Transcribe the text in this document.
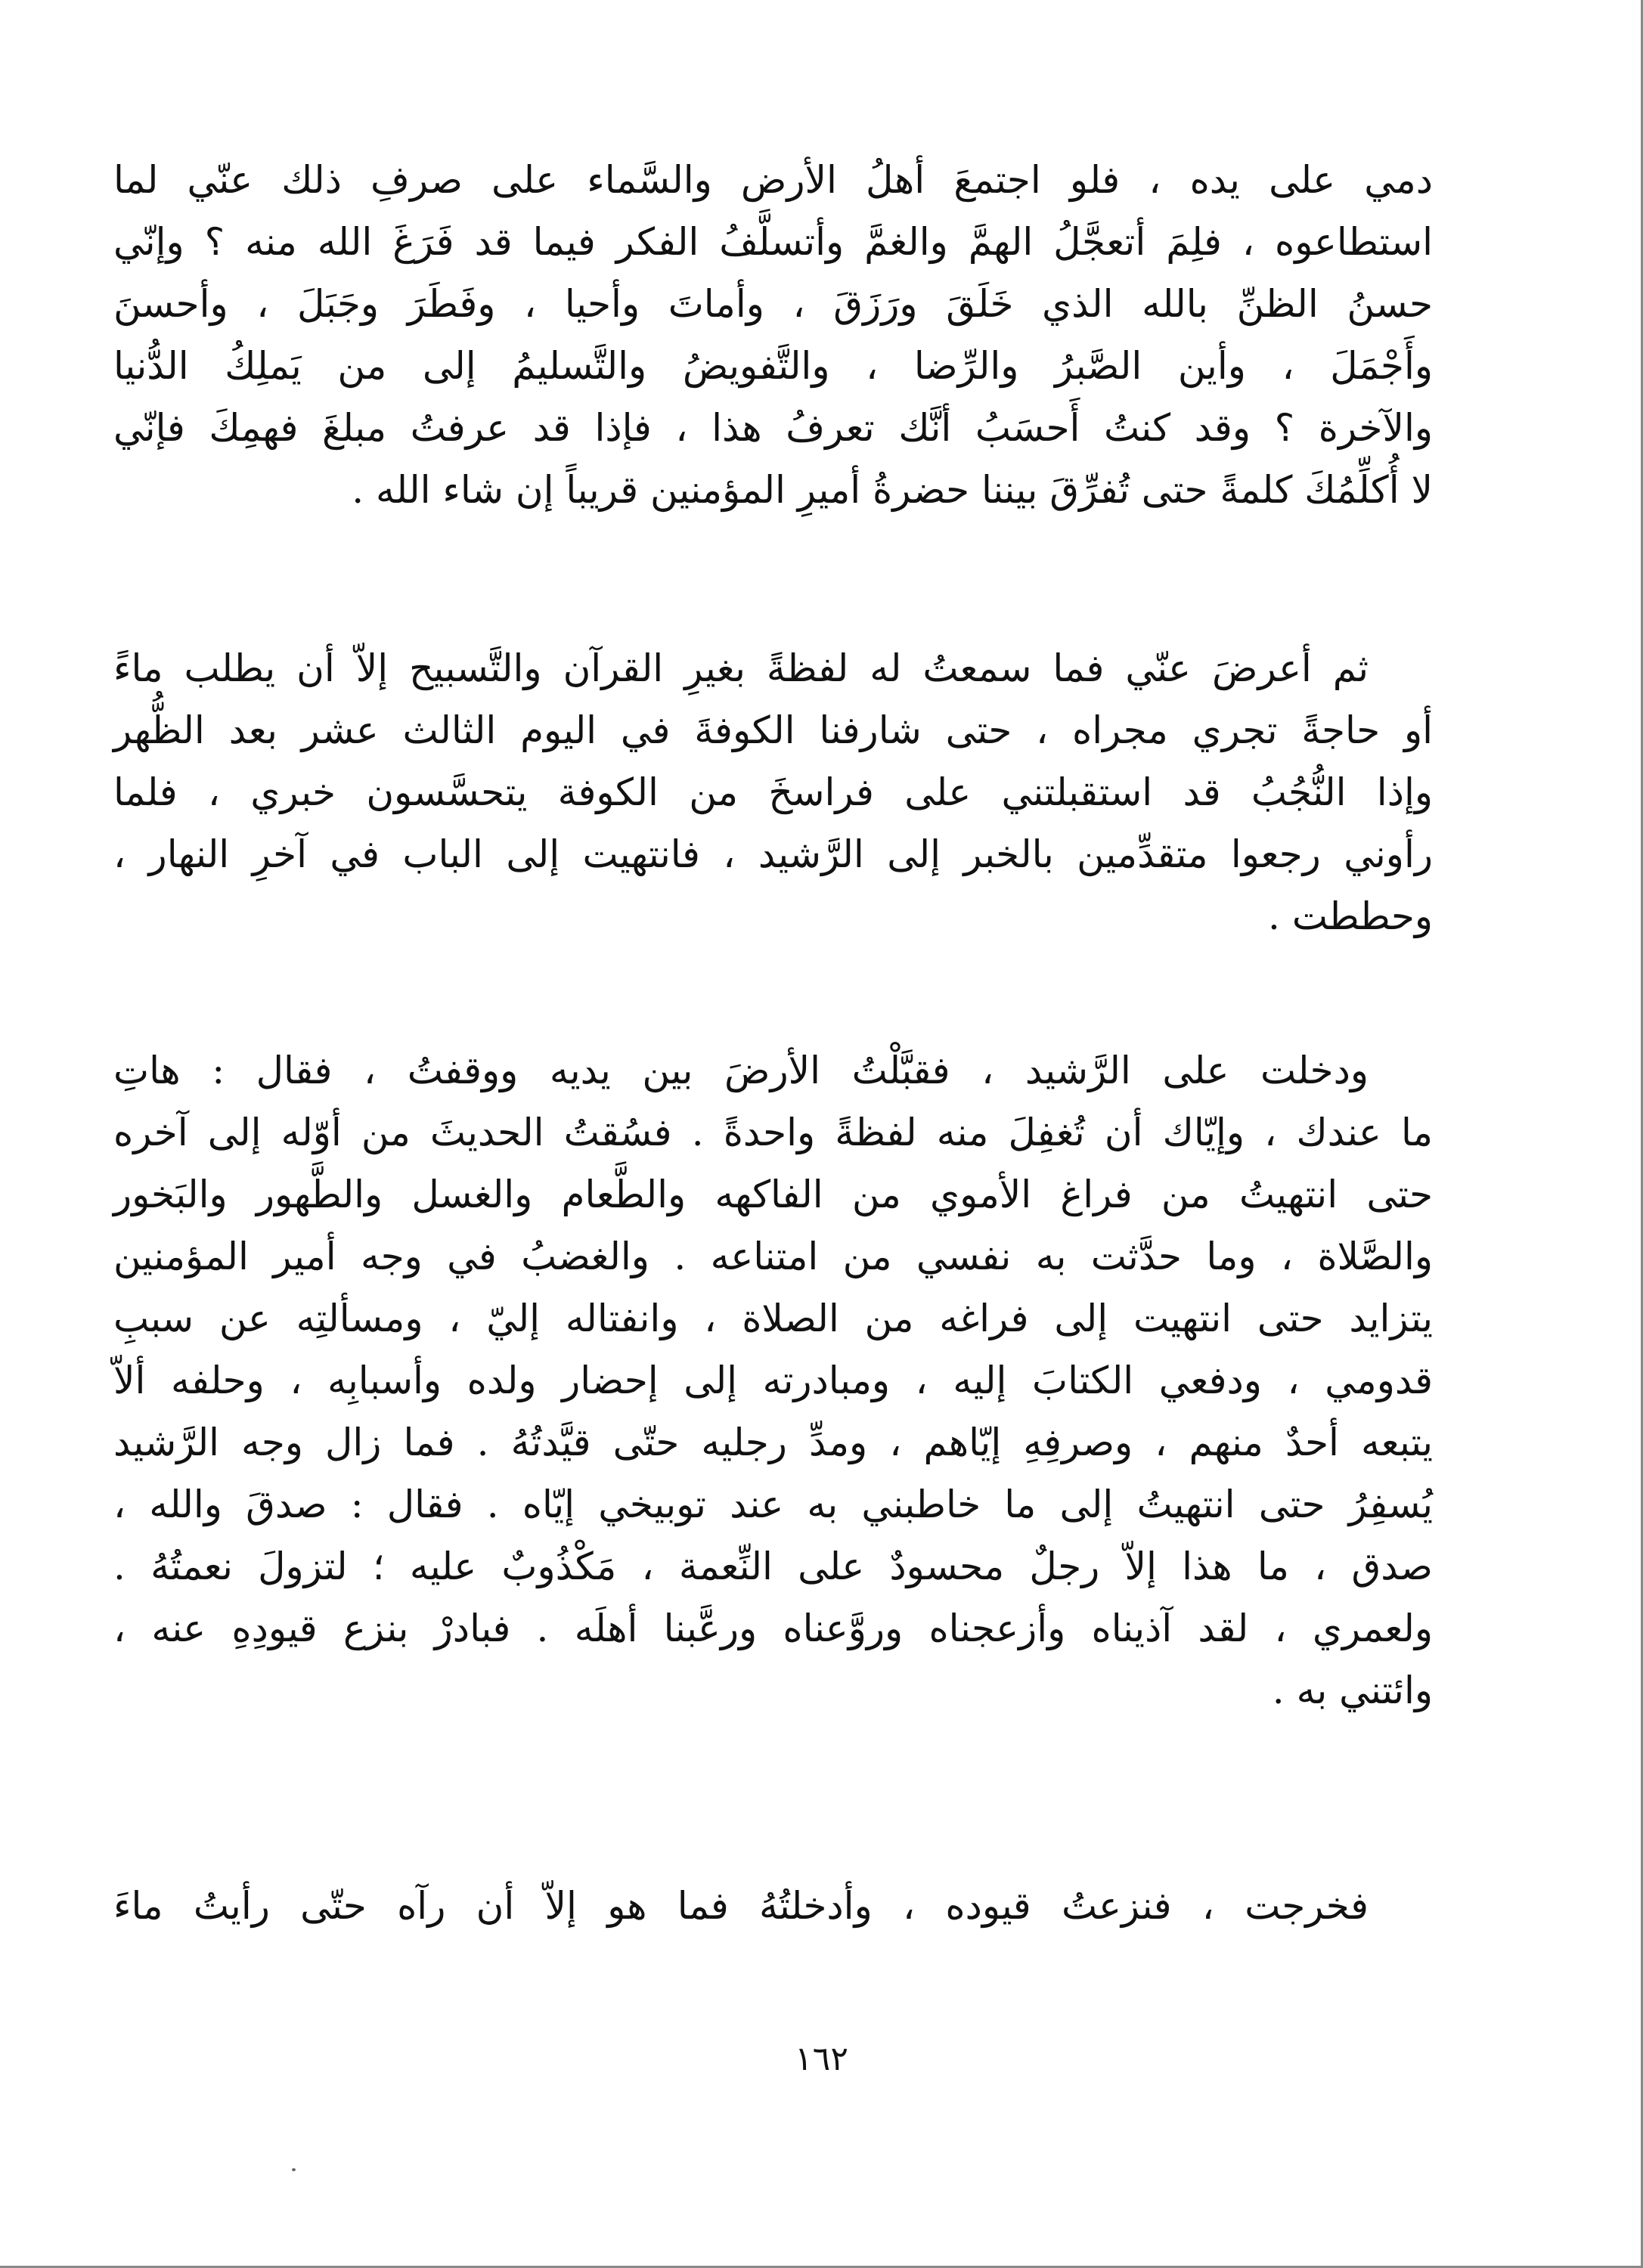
دمي على يده ، فلو اجتمعَ أهلُ الأرض والسَّماء على صرفِ ذلك عنّي لما
استطاعوه ، فلِمَ أتعجَّلُ الهمَّ والغمَّ وأتسلَّفُ الفكر فيما قد فَرَغَ الله منه ؟ وإنّي
حسنُ الظنِّ بالله الذي خَلَقَ ورَزَقَ ، وأماتَ وأحيا ، وفَطَرَ وجَبَلَ ، وأحسنَ
وأَجْمَلَ ، وأين الصَّبرُ والرِّضا ، والتَّفويضُ والتَّسليمُ إلى من يَملِكُ الدُّنيا
والآخرة ؟ وقد كنتُ أَحسَبُ أنَّك تعرفُ هذا ، فإذا قد عرفتُ مبلغَ فهمِكَ فإنّي
لا أُكلِّمُكَ كلمةً حتى تُفرِّقَ بيننا حضرةُ أميرِ المؤمنين قريباً إن شاء الله .
ثم أعرضَ عنّي فما سمعتُ له لفظةً بغيرِ القرآن والتَّسبيح إلاّ أن يطلب ماءً
أو حاجةً تجري مجراه ، حتى شارفنا الكوفةَ في اليوم الثالث عشر بعد الظُّهر
وإذا النُّجُبُ قد استقبلتني على فراسخَ من الكوفة يتحسَّسون خبري ، فلما
رأوني رجعوا متقدِّمين بالخبر إلى الرَّشيد ، فانتهيت إلى الباب في آخرِ النهار ،
وحططت .
ودخلت على الرَّشيد ، فقبَّلْتُ الأرضَ بين يديه ووقفتُ ، فقال : هاتِ
ما عندك ، وإيّاك أن تُغفِلَ منه لفظةً واحدةً . فسُقتُ الحديثَ من أوّله إلى آخره
حتى انتهيتُ من فراغ الأموي من الفاكهه والطَّعام والغسل والطَّهور والبَخور
والصَّلاة ، وما حدَّثت به نفسي من امتناعه . والغضبُ في وجه أمير المؤمنين
يتزايد حتى انتهيت إلى فراغه من الصلاة ، وانفتاله إليّ ، ومسألتِه عن سببِ
قدومي ، ودفعي الكتابَ إليه ، ومبادرته إلى إحضار ولده وأسبابِه ، وحلفه ألاّ
يتبعه أحدٌ منهم ، وصرفِهِ إيّاهم ، ومدِّ رجليه حتّى قيَّدتُهُ . فما زال وجه الرَّشيد
يُسفِرُ حتى انتهيتُ إلى ما خاطبني به عند توبيخي إيّاه . فقال : صدقَ والله ،
صدق ، ما هذا إلاّ رجلٌ محسودٌ على النِّعمة ، مَكْذُوبٌ عليه ؛ لتزولَ نعمتُهُ .
ولعمري ، لقد آذيناه وأزعجناه وروَّعناه ورعَّبنا أهلَه . فبادرْ بنزع قيودِهِ عنه ،
وائتني به .
فخرجت ، فنزعتُ قيوده ، وأدخلتُهُ فما هو إلاّ أن رآه حتّى رأيتُ ماءَ
١٦٢
